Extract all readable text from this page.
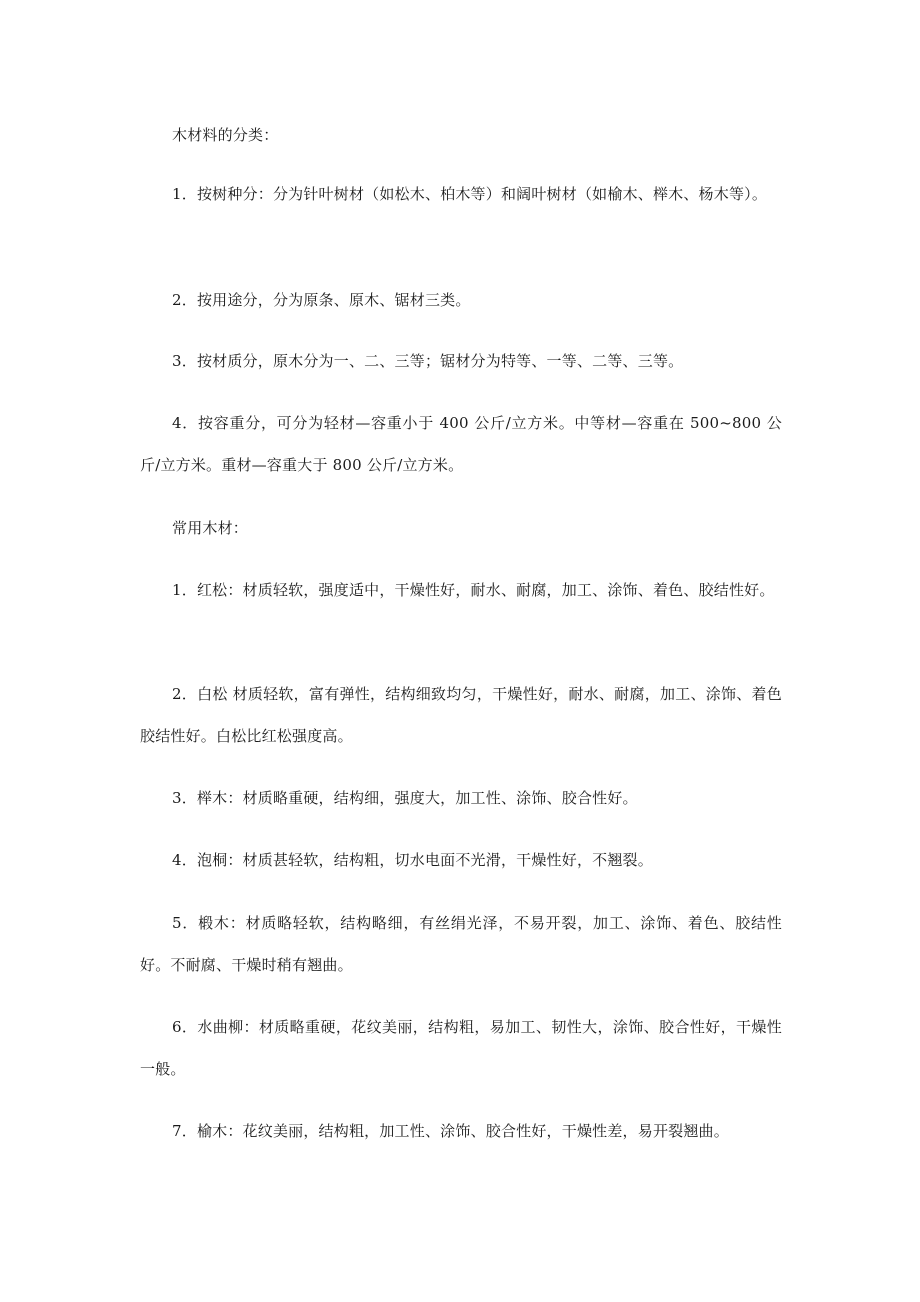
木材料的分类：

1．按树种分：分为针叶树材（如松木、柏木等）和阔叶树材（如榆木、榉木、杨木等）。

2．按用途分，分为原条、原木、锯材三类。

3．按材质分，原木分为一、二、三等；锯材分为特等、一等、二等、三等。

4．按容重分，可分为轻材—容重小于 400 公斤/立方米。中等材—容重在 500~800 公斤/立方米。重材—容重大于 800 公斤/立方米。

常用木材：

1．红松：材质轻软，强度适中，干燥性好，耐水、耐腐，加工、涂饰、着色、胶结性好。

2．白松 材质轻软，富有弹性，结构细致均匀，干燥性好，耐水、耐腐，加工、涂饰、着色胶结性好。白松比红松强度高。

3．榉木：材质略重硬，结构细，强度大，加工性、涂饰、胶合性好。

4．泡桐：材质甚轻软，结构粗，切水电面不光滑，干燥性好，不翘裂。

5．椴木：材质略轻软，结构略细，有丝绢光泽，不易开裂，加工、涂饰、着色、胶结性好。不耐腐、干燥时稍有翘曲。

6．水曲柳：材质略重硬，花纹美丽，结构粗，易加工、韧性大，涂饰、胶合性好，干燥性一般。

7．榆木：花纹美丽，结构粗，加工性、涂饰、胶合性好，干燥性差，易开裂翘曲。
